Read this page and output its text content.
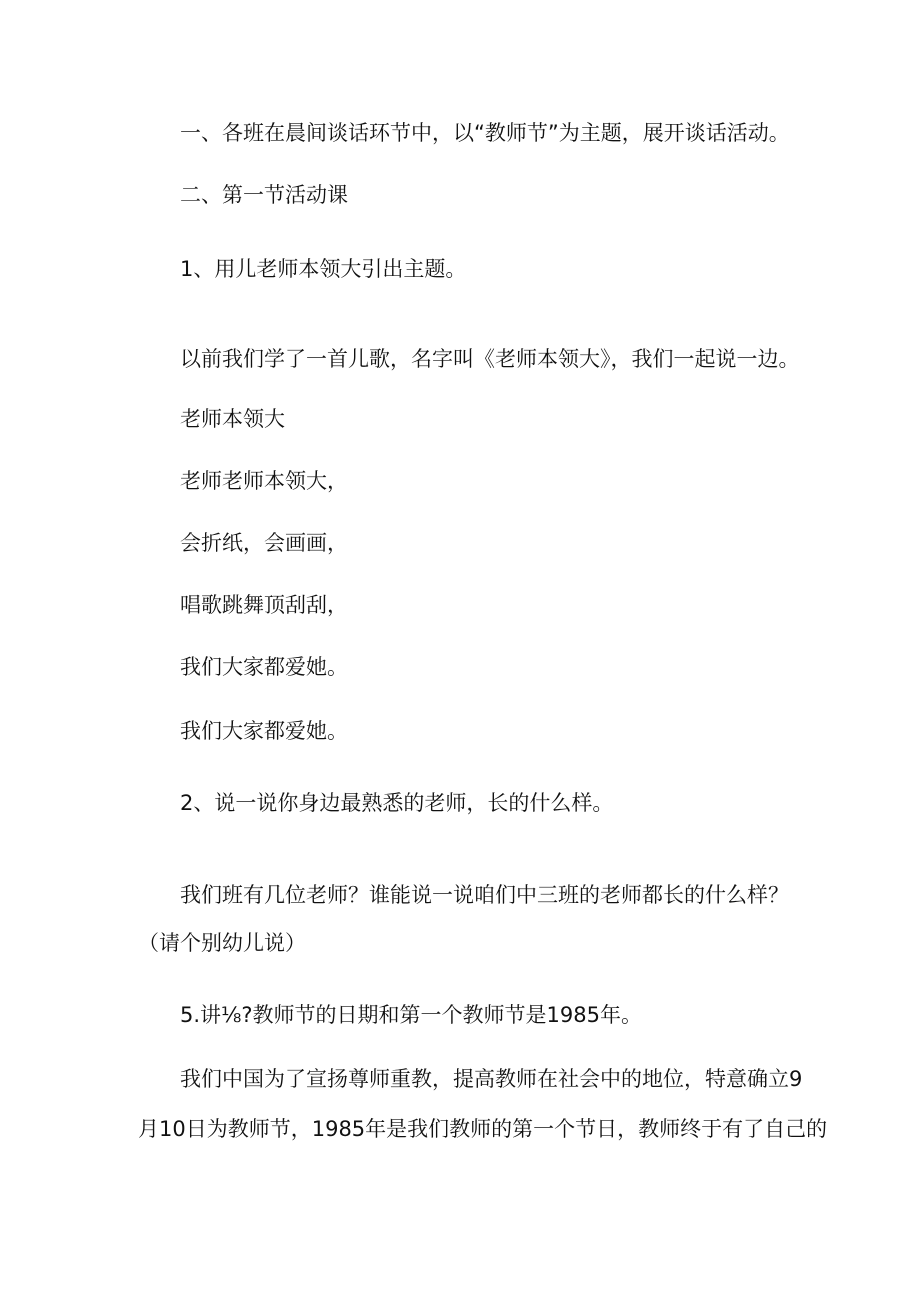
一、各班在晨间谈话环节中，以“教师节”为主题，展开谈话活动。
二、第一节活动课
1、用儿老师本领大引出主题。
以前我们学了一首儿歌，名字叫《老师本领大》，我们一起说一边。
老师本领大
老师老师本领大，
会折纸，会画画，
唱歌跳舞顶刮刮，
我们大家都爱她。
我们大家都爱她。
2、说一说你身边最熟悉的老师，长的什么样。
我们班有几位老师？谁能说一说咱们中三班的老师都长的什么样？
（请个别幼儿说）
5.讲⅛?教师节的日期和第一个教师节是1985年。
我们中国为了宣扬尊师重教，提高教师在社会中的地位，特意确立9
月10日为教师节，1985年是我们教师的第一个节日，教师终于有了自己的
